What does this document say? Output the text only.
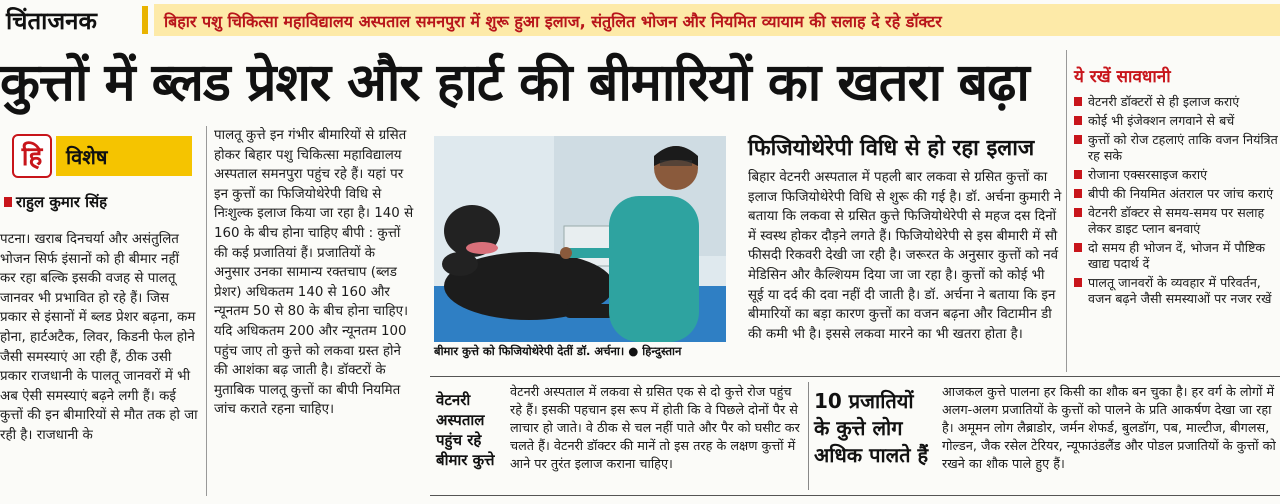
चिंताजनक	बिहार पशु चिकित्सा महाविद्यालय अस्पताल समनपुरा में शुरू हुआ इलाज, संतुलित भोजन और नियमित व्यायाम की सलाह दे रहे डॉक्टर
कुत्तों में ब्लड प्रेशर और हार्ट की बीमारियों का खतरा बढ़ा
हि	विशेष
राहुल कुमार सिंह
पटना। खराब दिनचर्या और असंतुलित भोजन सिर्फ इंसानों को ही बीमार नहीं कर रहा बल्कि इसकी वजह से पालतू जानवर भी प्रभावित हो रहे हैं। जिस प्रकार से इंसानों में ब्लड प्रेशर बढ़ना, कम होना, हार्टअटैक, लिवर, किडनी फेल होने जैसी समस्याएं आ रही हैं, ठीक उसी प्रकार राजधानी के पालतू जानवरों में भी अब ऐसी समस्याएं बढ़ने लगी हैं। कई कुत्तों की इन बीमारियों से मौत तक हो जा रही है। राजधानी के
पालतू कुत्ते इन गंभीर बीमारियों से ग्रसित होकर बिहार पशु चिकित्सा महाविद्यालय अस्पताल समनपुरा पहुंच रहे हैं। यहां पर इन कुत्तों का फिजियोथेरेपी विधि से निःशुल्क इलाज किया जा रहा है। 140 से 160 के बीच होना चाहिए बीपी : कुत्तों की कई प्रजातियां हैं। प्रजातियों के अनुसार उनका सामान्य रक्तचाप (ब्लड प्रेशर) अधिकतम 140 से 160 और न्यूनतम 50 से 80 के बीच होना चाहिए। यदि अधिकतम 200 और न्यूनतम 100 पहुंच जाए तो कुत्ते को लकवा ग्रस्त होने की आशंका बढ़ जाती है। डॉक्टरों के मुताबिक पालतू कुत्तों का बीपी नियमित जांच कराते रहना चाहिए।
बीमार कुत्ते को फिजियोथेरेपी देतीं डॉ. अर्चना। ● हिन्दुस्तान
फिजियोथेरेपी विधि से हो रहा इलाज
बिहार वेटनरी अस्पताल में पहली बार लकवा से ग्रसित कुत्तों का इलाज फिजियोथेरेपी विधि से शुरू की गई है। डॉ. अर्चना कुमारी ने बताया कि लकवा से ग्रसित कुत्ते फिजियोथेरेपी से महज दस दिनों में स्वस्थ होकर दौड़ने लगते हैं। फिजियोथेरेपी से इस बीमारी में सौ फीसदी रिकवरी देखी जा रही है। जरूरत के अनुसार कुत्तों को नर्व मेडिसिन और कैल्शियम दिया जा जा रहा है। कुत्तों को कोई भी सूई या दर्द की दवा नहीं दी जाती है। डॉ. अर्चना ने बताया कि इन बीमारियों का बड़ा कारण कुत्तों का वजन बढ़ना और विटामीन डी की कमी भी है। इससे लकवा मारने का भी खतरा होता है।
ये रखें सावधानी
वेटनरी डॉक्टरों से ही इलाज कराएं
कोई भी इंजेक्शन लगवाने से बचें
कुत्तों को रोज टहलाएं ताकि वजन नियंत्रित रह सके
रोजाना एक्सरसाइज कराएं
बीपी की नियमित अंतराल पर जांच कराएं
वेटनरी डॉक्टर से समय-समय पर सलाह लेकर डाइट प्लान बनवाएं
दो समय ही भोजन दें, भोजन में पौष्टिक खाद्य पदार्थ दें
पालतू जानवरों के व्यवहार में परिवर्तन, वजन बढ़ने जैसी समस्याओं पर नजर रखें
वेटनरी अस्पताल पहुंच रहे बीमार कुत्ते
वेटनरी अस्पताल में लकवा से ग्रसित एक से दो कुत्ते रोज पहुंच रहे हैं। इसकी पहचान इस रूप में होती कि वे पिछले दोनों पैर से लाचार हो जाते। वे ठीक से चल नहीं पाते और पैर को घसीट कर चलते हैं। वेटनरी डॉक्टर की मानें तो इस तरह के लक्षण कुत्तों में आने पर तुरंत इलाज कराना चाहिए।
10 प्रजातियों के कुत्ते लोग अधिक पालते हैं
आजकल कुत्ते पालना हर किसी का शौक बन चुका है। हर वर्ग के लोगों में अलग-अलग प्रजातियों के कुत्तों को पालने के प्रति आकर्षण देखा जा रहा है। अमूमन लोग लैब्राडोर, जर्मन शेफर्ड, बुलडॉग, पब, माल्टीज, बीगलस, गोल्डन, जैक रसेल टेरियर, न्यूफाउंडलैंड और पोडल प्रजातियों के कुत्तों को रखने का शौक पाले हुए हैं।
